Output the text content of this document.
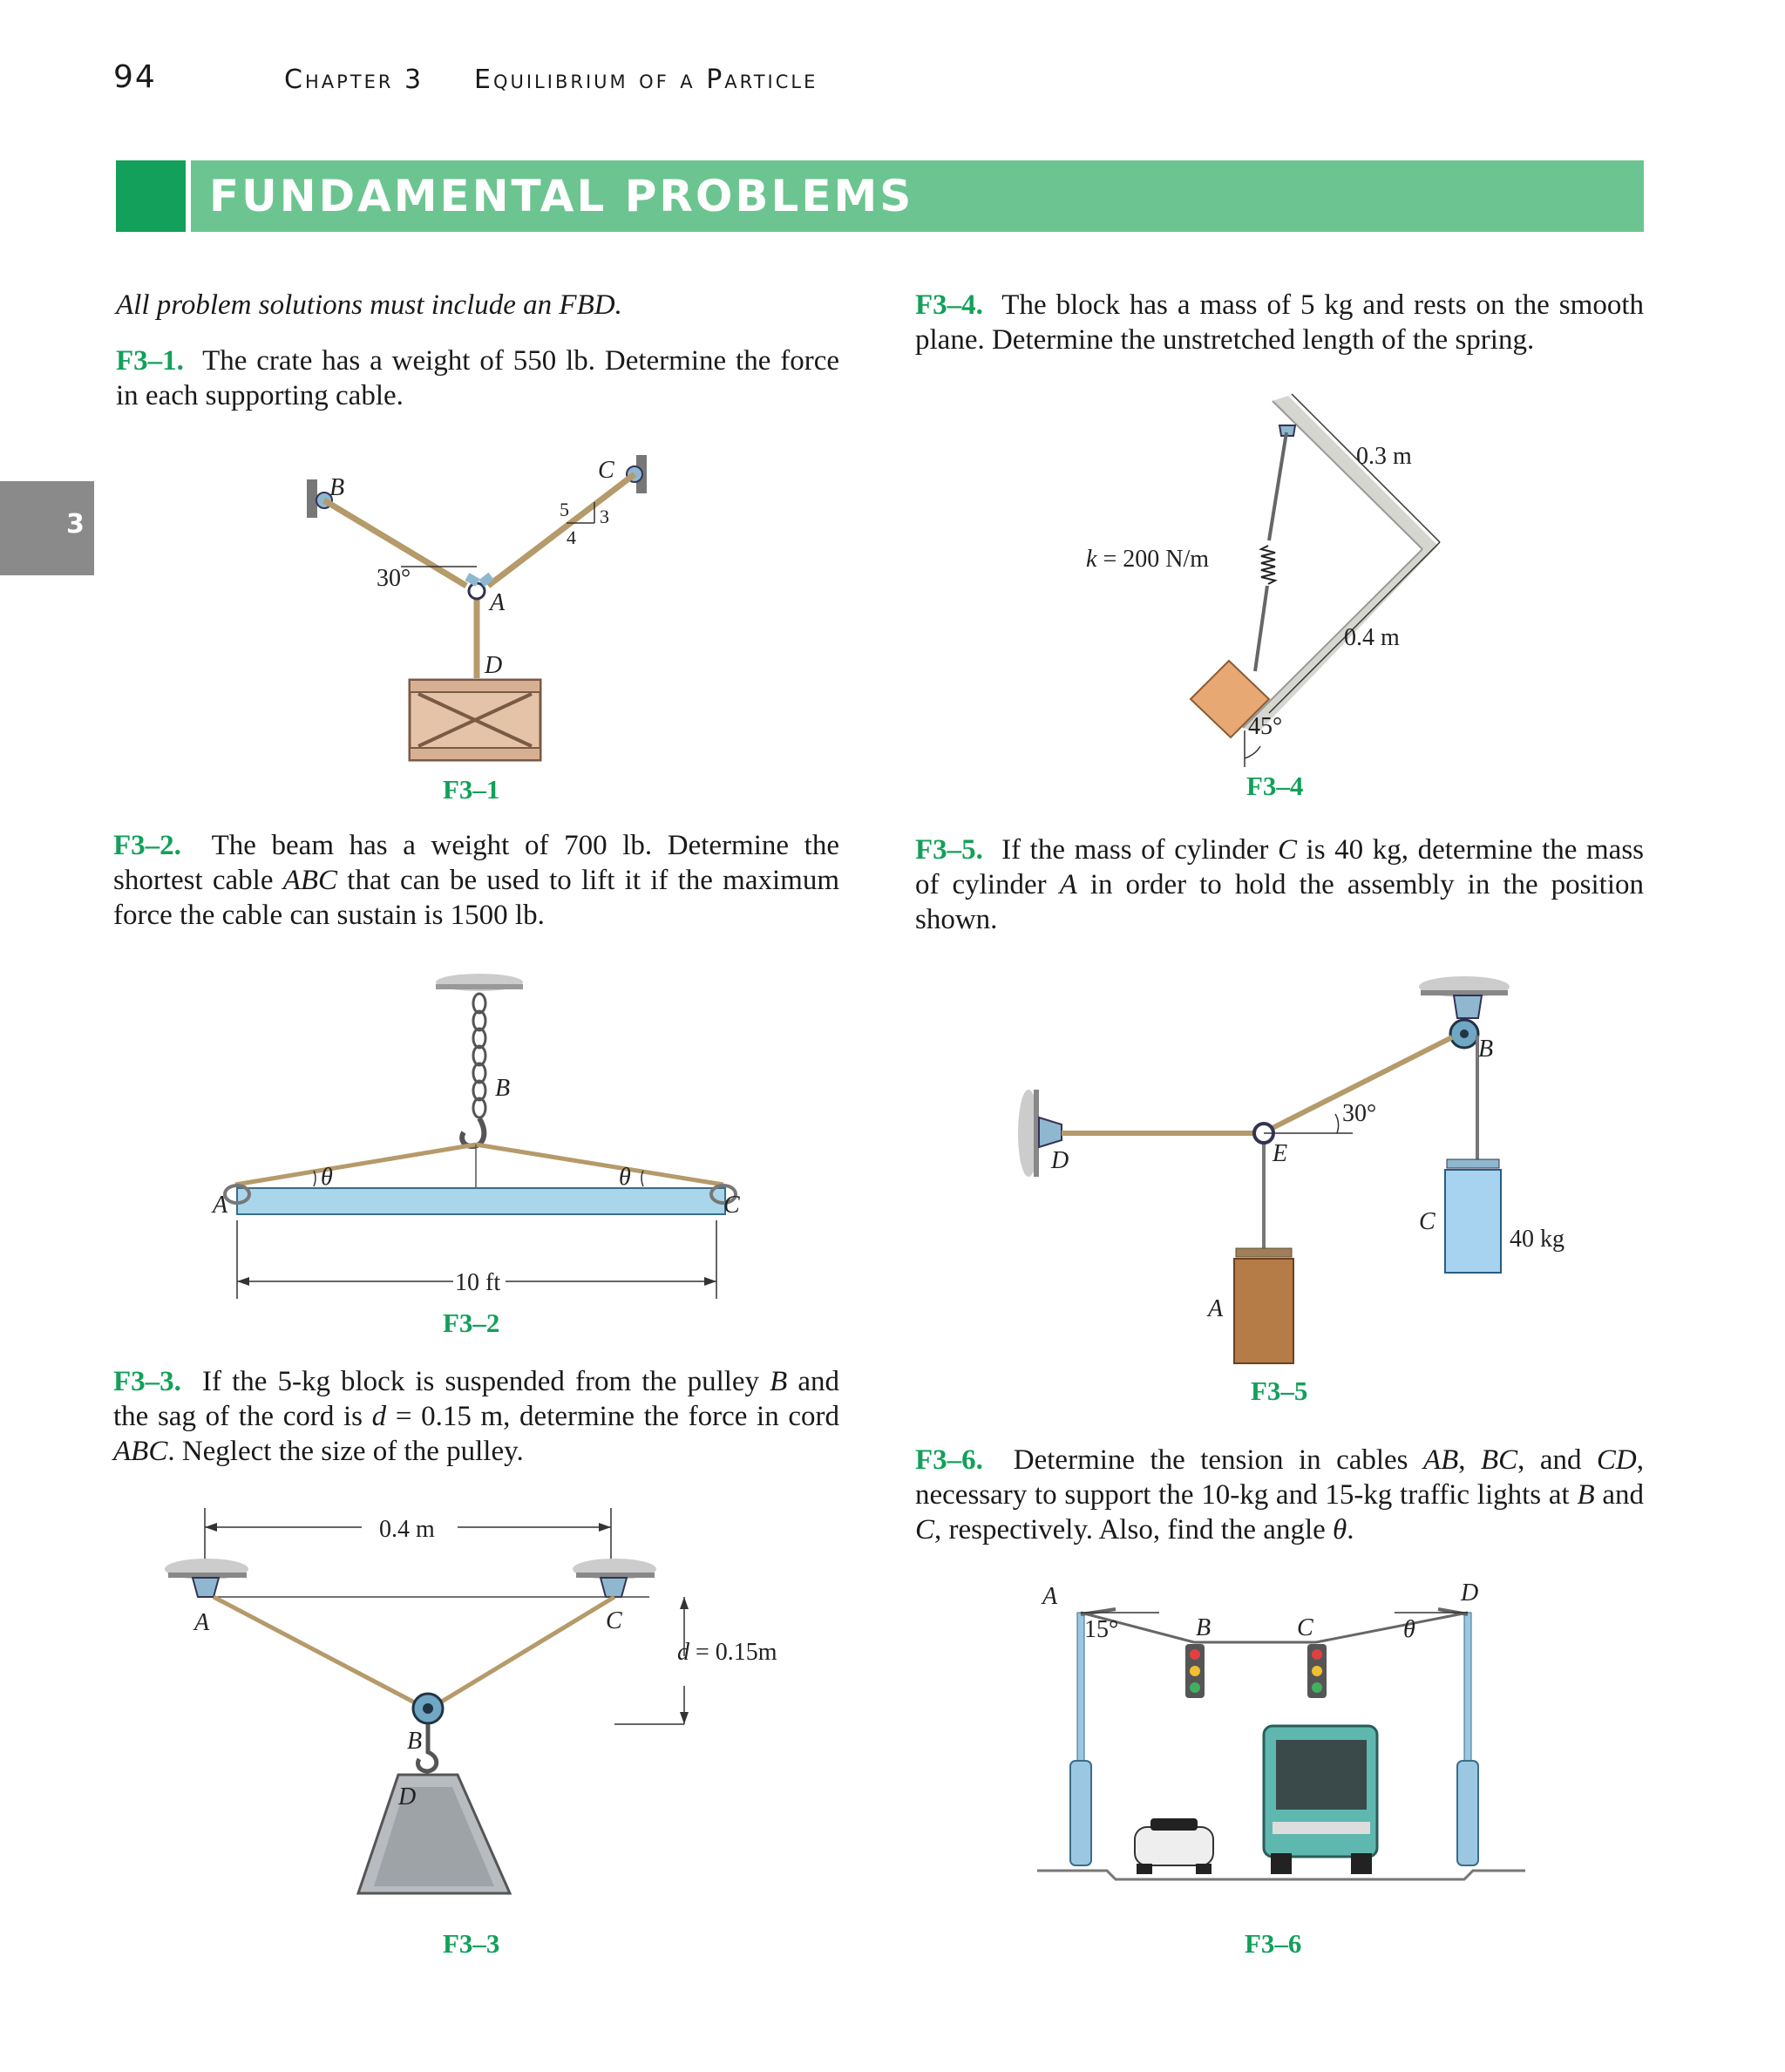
94	Chapter 3 Equilibrium of a Particle
FUNDAMENTAL PROBLEMS
3
All problem solutions must include an FBD.
F3–1. The crate has a weight of 550 lb. Determine the force in each supporting cable.
B
C
A
D
30°
5 3
4
F3–1
F3–2. The beam has a weight of 700 lb. Determine the shortest cable ABC that can be used to lift it if the maximum force the cable can sustain is 1500 lb.
A
B
C
θ	θ
10 ft
F3–2
F3–3. If the 5-kg block is suspended from the pulley B and the sag of the cord is d = 0.15 m, determine the force in cord ABC. Neglect the size of the pulley.
A	C
B
D
0.4 m
d = 0.15m
F3–3
F3–4. The block has a mass of 5 kg and rests on the smooth plane. Determine the unstretched length of the spring.
k = 200 N/m
0.3 m
0.4 m
45°
F3–4
F3–5. If the mass of cylinder C is 40 kg, determine the mass of cylinder A in order to hold the assembly in the position shown.
B
D	E
A
C
30°
40 kg
F3–5
F3–6. Determine the tension in cables AB, BC, and CD, necessary to support the 10-kg and 15-kg traffic lights at B and C, respectively. Also, find the angle θ.
A	D
B	C
15°	θ
F3–6
